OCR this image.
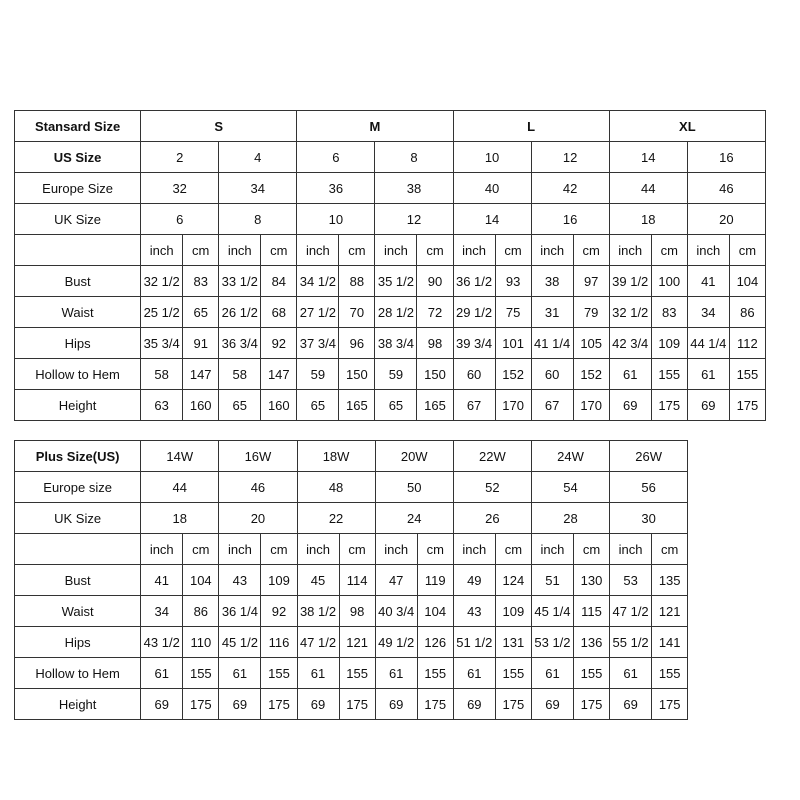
Stansard Size	S				M				L				XL			
US Size	2		4		6		8		10		12		14		16	
Europe Size	32		34		36		38		40		42		44		46	
UK Size	6		8		10		12		14		16		18		20	
	inch	cm	inch	cm	inch	cm	inch	cm	inch	cm	inch	cm	inch	cm	inch	cm
Bust	32 1/2	83	33 1/2	84	34 1/2	88	35 1/2	90	36 1/2	93	38	97	39 1/2	100	41	104
Waist	25 1/2	65	26 1/2	68	27 1/2	70	28 1/2	72	29 1/2	75	31	79	32 1/2	83	34	86
Hips	35 3/4	91	36 3/4	92	37 3/4	96	38 3/4	98	39 3/4	101	41 1/4	105	42 3/4	109	44 1/4	112
Hollow to Hem	58	147	58	147	59	150	59	150	60	152	60	152	61	155	61	155
Height	63	160	65	160	65	165	65	165	67	170	67	170	69	175	69	175
Plus Size(US)	14W		16W		18W		20W		22W		24W		26W		
Europe size	44		46		48		50		52		54		56		
UK Size	18		20		22		24		26		28		30		
	inch	cm	inch	cm	inch	cm	inch	cm	inch	cm	inch	cm	inch	cm	
Bust	41	104	43	109	45	114	47	119	49	124	51	130	53	135	
Waist	34	86	36 1/4	92	38 1/2	98	40 3/4	104	43	109	45 1/4	115	47 1/2	121	
Hips	43 1/2	110	45 1/2	116	47 1/2	121	49 1/2	126	51 1/2	131	53 1/2	136	55 1/2	141	
Hollow to Hem	61	155	61	155	61	155	61	155	61	155	61	155	61	155	
Height	69	175	69	175	69	175	69	175	69	175	69	175	69	175	
